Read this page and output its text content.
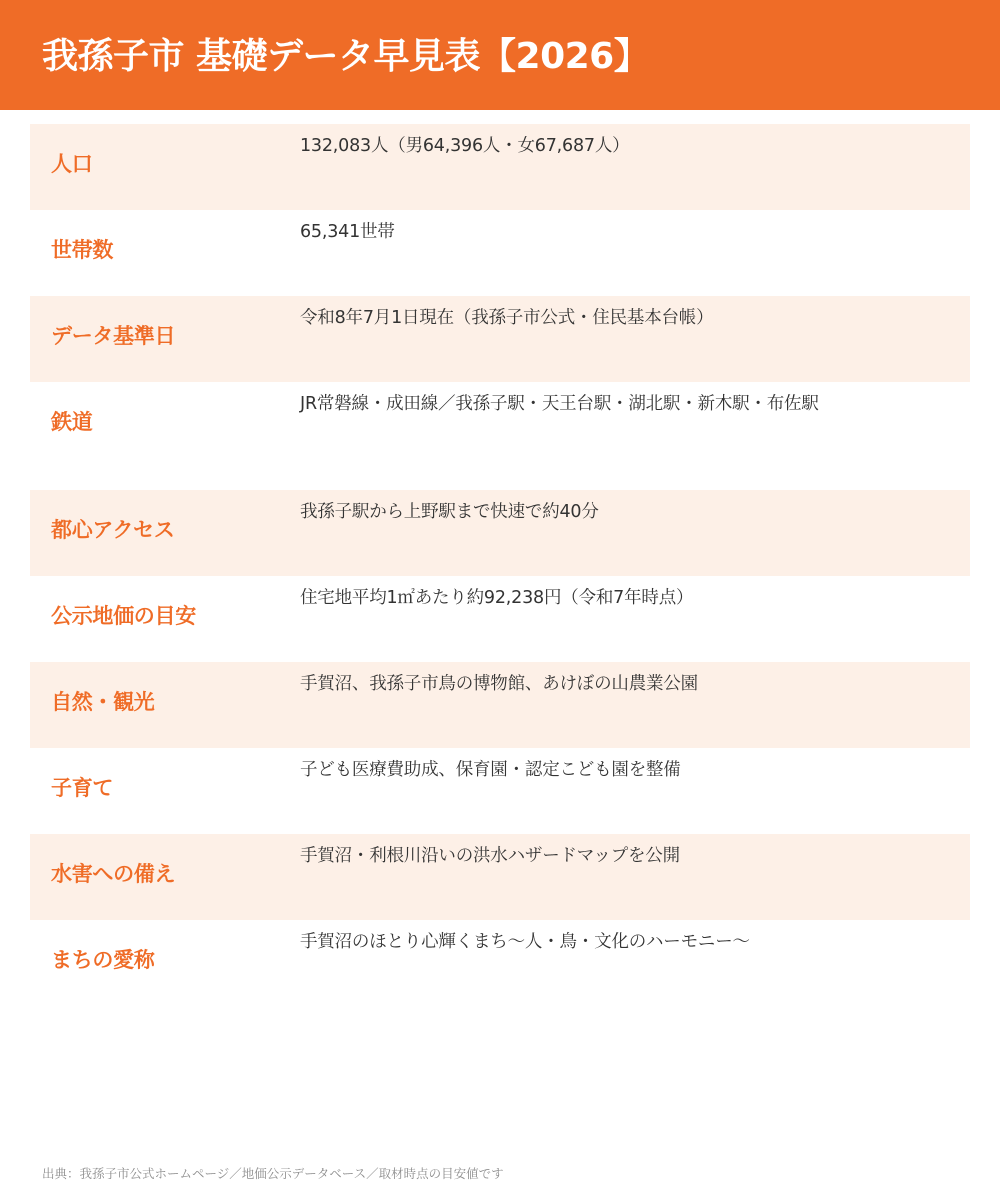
我孫子市 基礎データ早見表【2026】
人口
132,083人（男64,396人・女67,687人）
世帯数
65,341世帯
データ基準日
令和8年7月1日現在（我孫子市公式・住民基本台帳）
鉄道
JR常磐線・成田線／我孫子駅・天王台駅・湖北駅・新木駅・布佐駅
都心アクセス
我孫子駅から上野駅まで快速で約40分
公示地価の目安
住宅地平均1㎡あたり約92,238円（令和7年時点）
自然・観光
手賀沼、我孫子市鳥の博物館、あけぼの山農業公園
子育て
子ども医療費助成、保育園・認定こども園を整備
水害への備え
手賀沼・利根川沿いの洪水ハザードマップを公開
まちの愛称
手賀沼のほとり心輝くまち〜人・鳥・文化のハーモニー〜
出典：我孫子市公式ホームページ／地価公示データベース／取材時点の目安値です
